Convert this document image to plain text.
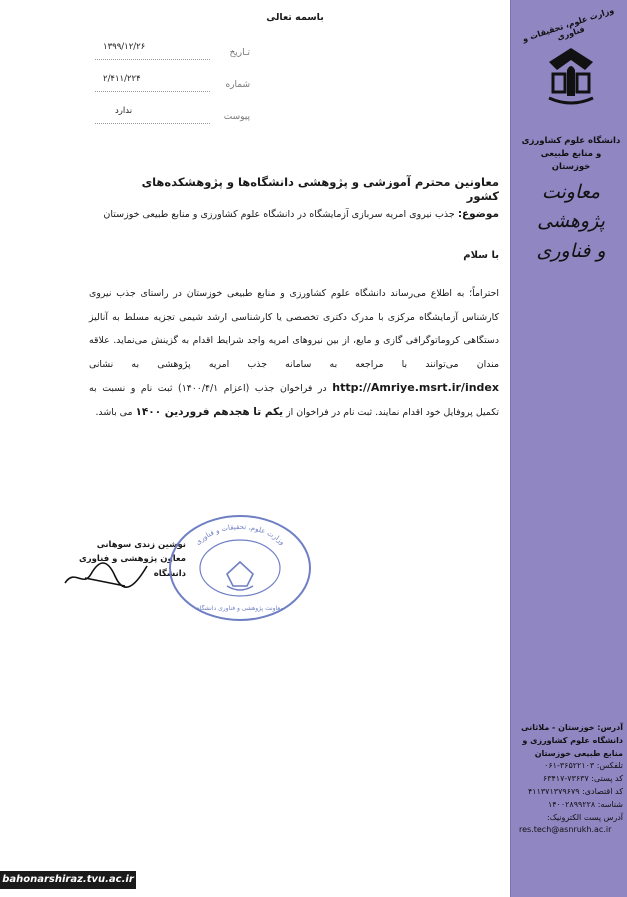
باسمه تعالی
تـاریخ
۱۳۹۹/۱۲/۲۶
شماره
۲/۴۱۱/۲۲۴
پیوست
ندارد
معاونین محترم آموزشی و پژوهشی دانشگاه‌ها و پژوهشکده‌های کشور
موضوع: جذب نیروی امریه سربازی آزمایشگاه در دانشگاه علوم کشاورزی و منابع طبیعی خوزستان
با سلام
احتراماً؛ به اطلاع می‌رساند دانشگاه علوم کشاورزی و منابع طبیعی خوزستان در راستای جذب نیروی کارشناس آزمایشگاه مرکزی با مدرک دکتری تخصصی یا کارشناسی ارشد شیمی تجزیه مسلط به آنالیز دستگاهی کروماتوگرافی گازی و مایع، از بین نیروهای امریه واجد شرایط اقدام به گزینش می‌نماید. علاقه مندان می‌توانند با مراجعه به سامانه جذب امریه پژوهشی به نشانی http://Amriye.msrt.ir/index در فراخوان جذب (اعزام ۱۴۰۰/۴/۱) ثبت نام و نسبت به تکمیل پروفایل خود اقدام نمایند. ثبت نام در فراخوان از یکم تا هجدهم فروردین ۱۴۰۰ می باشد.
نوشین زندی سوهانی
معاون پژوهشی و فناوری دانشگاه
وزارت علوم، تحقیقات و فناوری
معاونت پژوهشی و فناوری دانشگاه
وزارت علوم، تحقیقات و فناوری
دانشگاه علوم کشاورزی و منابع طبیعی خوزستان
معاونت پژوهشی
و فناوری
آدرس: خوزستان - ملاثانی دانشگاه علوم کشاورزی و منابع طبیعی خوزستان
تلفکس: ۳۶۵۲۲۱۰۳-۰۶۱
کد پستی: ۷۳۶۳۷-۶۳۴۱۷
کد اقتصادی: ۴۱۱۳۷۱۳۷۹۶۷۹
شناسه: ۱۴۰۰۲۸۹۹۲۲۸
آدرس پست الکترونیک:
res.tech@asnrukh.ac.ir
bahonarshiraz.tvu.ac.ir
